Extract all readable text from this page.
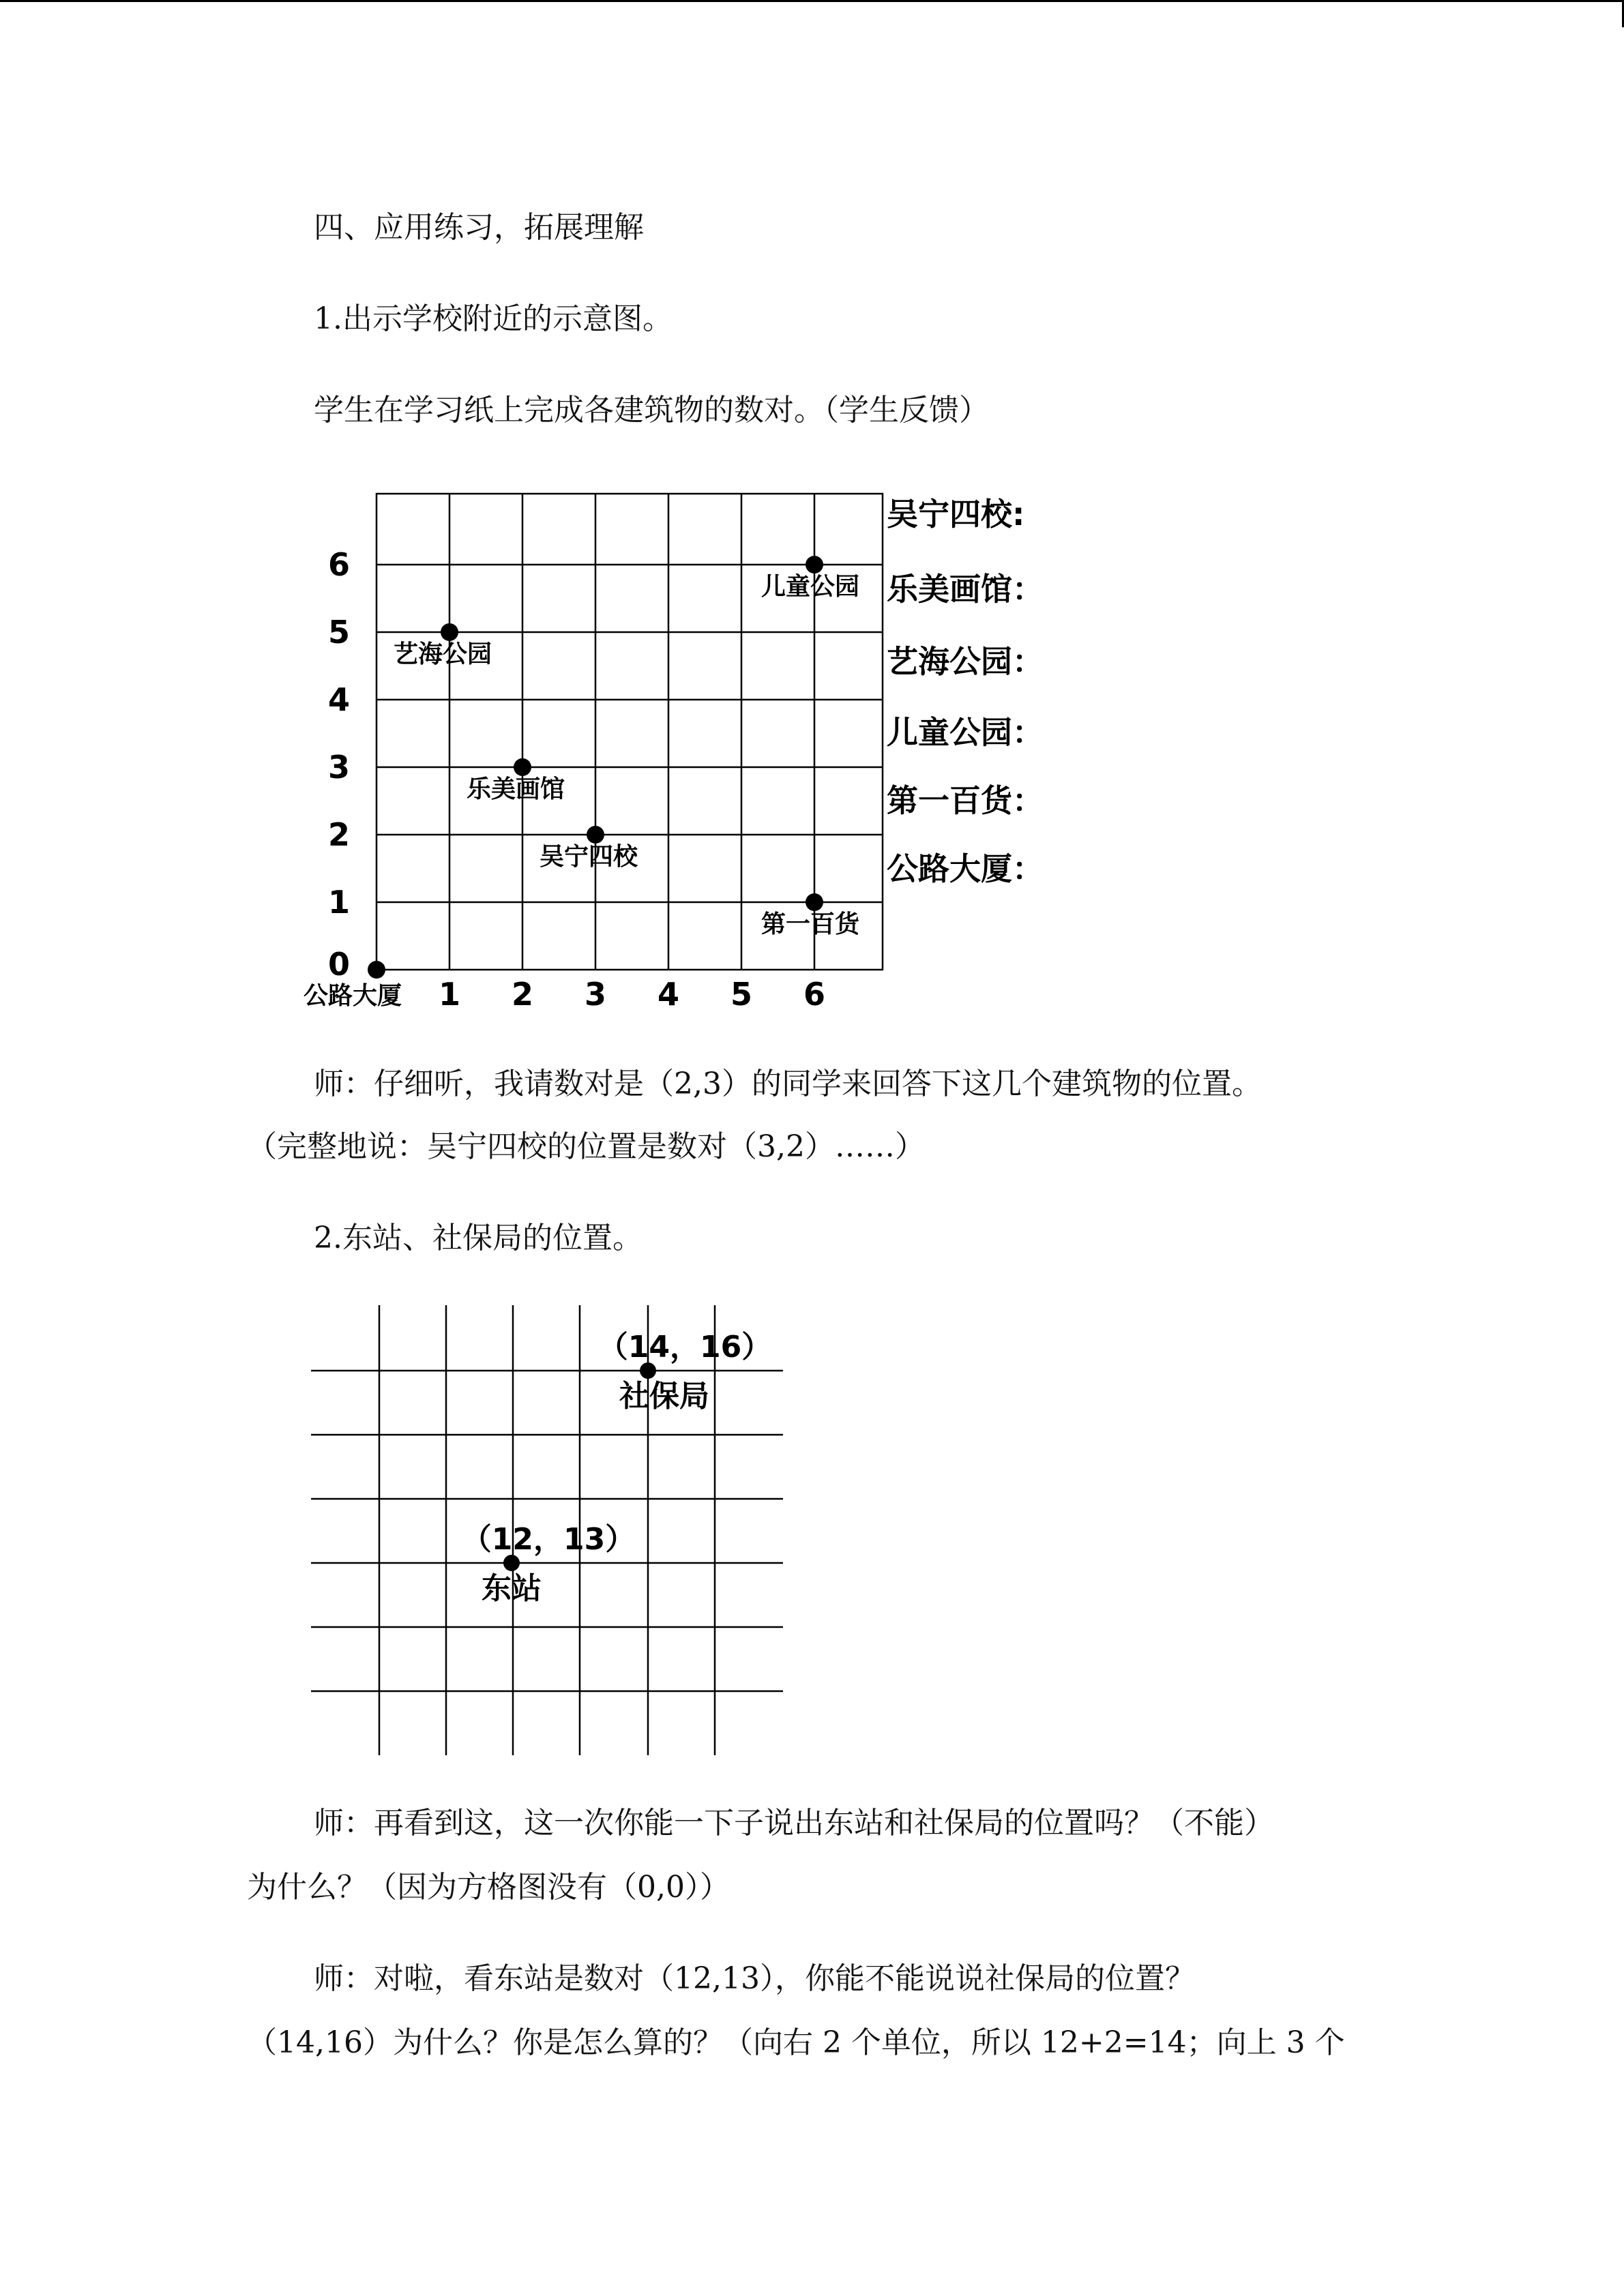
四、应用练习，拓展理解
1.出示学校附近的示意图。
学生在学习纸上完成各建筑物的数对。（学生反馈）
1 2 3 4 5 6
0
1
2
3
4
5
6
公路大厦
第一百货
吴宁四校
乐美画馆
艺海公园
儿童公园
吴宁四校:
乐美画馆：
艺海公园：
儿童公园：
第一百货：
公路大厦：
（14，16）
社保局
（12，13）
东站
师：仔细听，我请数对是（2,3）的同学来回答下这几个建筑物的位置。
（完整地说：吴宁四校的位置是数对（3,2）……）
2.东站、社保局的位置。
师：再看到这，这一次你能一下子说出东站和社保局的位置吗？（不能）
为什么？（因为方格图没有（0,0））
师：对啦，看东站是数对（12,13），你能不能说说社保局的位置？
（14,16）为什么？你是怎么算的？（向右 2 个单位，所以 12+2=14；向上 3 个
